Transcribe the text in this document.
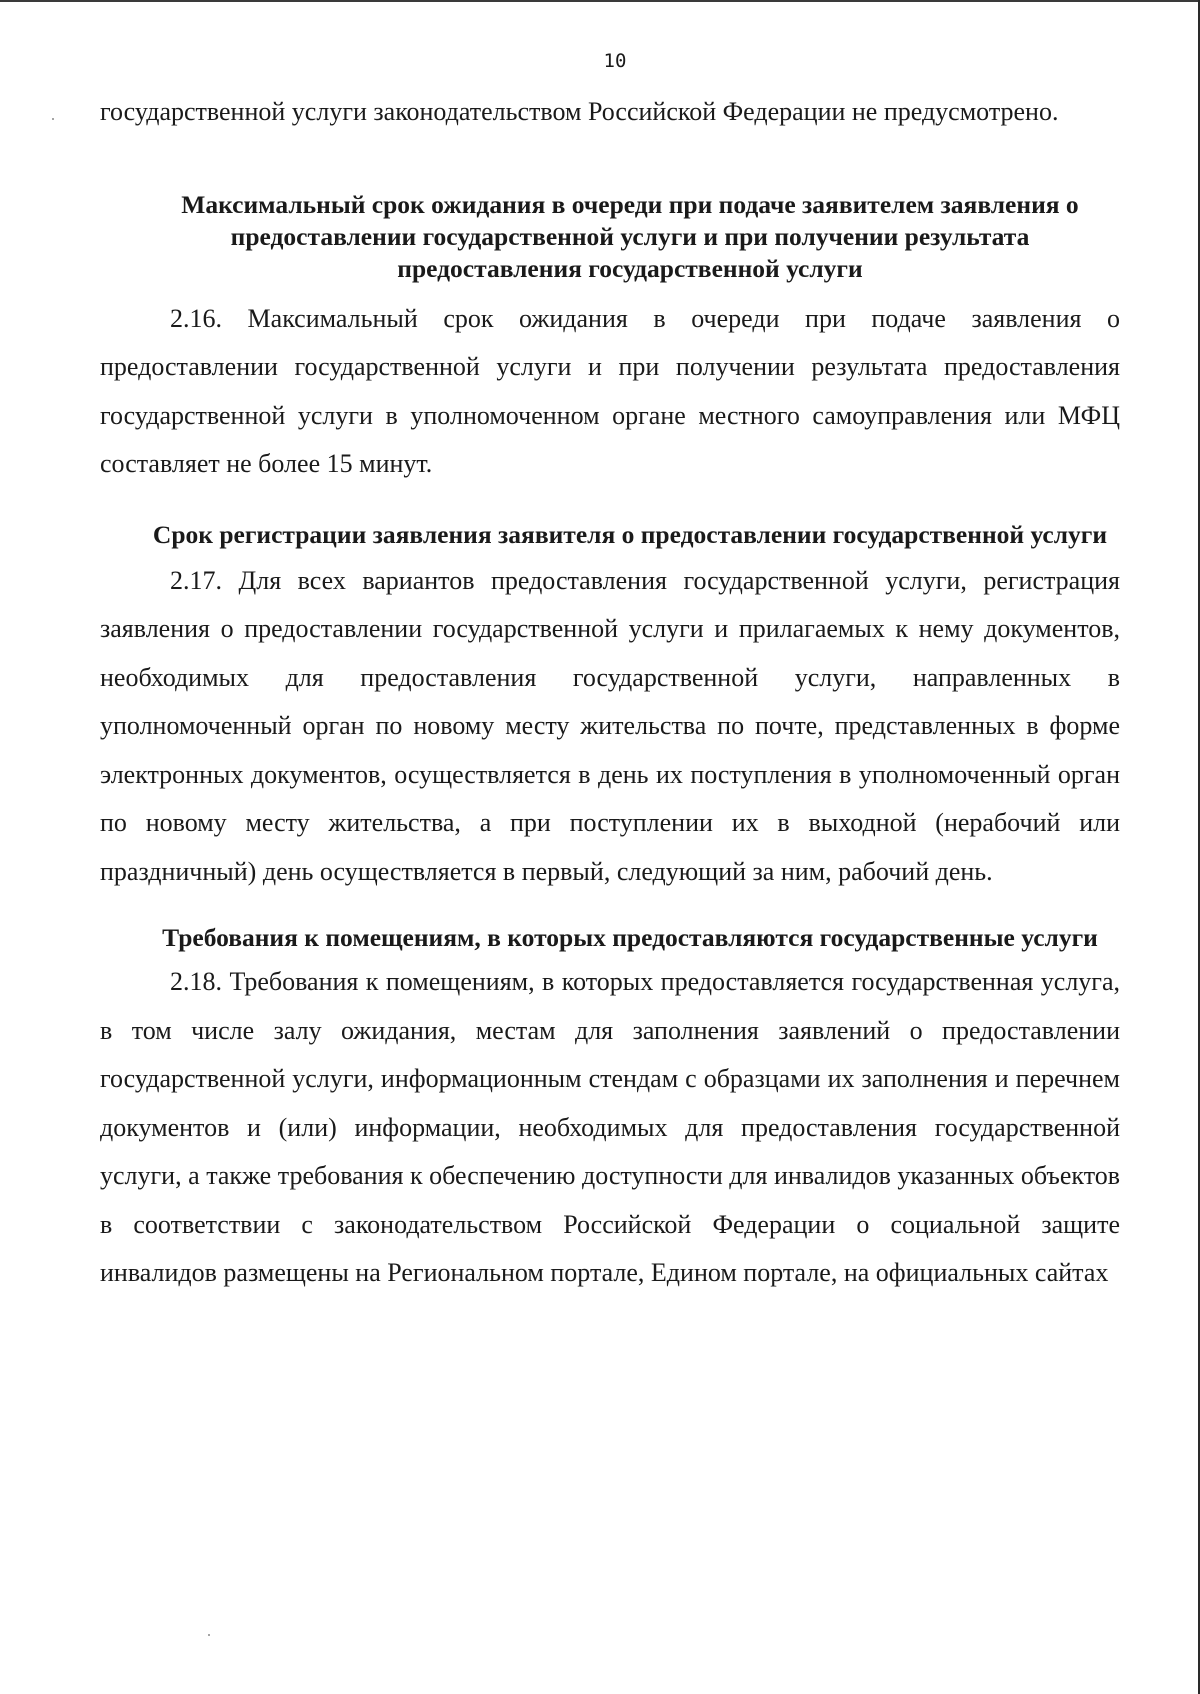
10

государственной услуги законодательством Российской Федерации не предусмотрено.

Максимальный срок ожидания в очереди при подаче заявителем заявления о предоставлении государственной услуги и при получении результата предоставления государственной услуги

2.16. Максимальный срок ожидания в очереди при подаче заявления о предоставлении государственной услуги и при получении результата предоставления государственной услуги в уполномоченном органе местного самоуправления или МФЦ составляет не более 15 минут.

Срок регистрации заявления заявителя о предоставлении государственной услуги

2.17. Для всех вариантов предоставления государственной услуги, регистрация заявления о предоставлении государственной услуги и прилагаемых к нему документов, необходимых для предоставления государственной услуги, направленных в уполномоченный орган по новому месту жительства по почте, представленных в форме электронных документов, осуществляется в день их поступления в уполномоченный орган по новому месту жительства, а при поступлении их в выходной (нерабочий или праздничный) день осуществляется в первый, следующий за ним, рабочий день.

Требования к помещениям, в которых предоставляются государственные услуги

2.18. Требования к помещениям, в которых предоставляется государственная услуга, в том числе залу ожидания, местам для заполнения заявлений о предоставлении государственной услуги, информационным стендам с образцами их заполнения и перечнем документов и (или) информации, необходимых для предоставления государственной услуги, а также требования к обеспечению доступности для инвалидов указанных объектов в соответствии с законодательством Российской Федерации о социальной защите инвалидов размещены на Региональном портале, Едином портале, на официальных сайтах
